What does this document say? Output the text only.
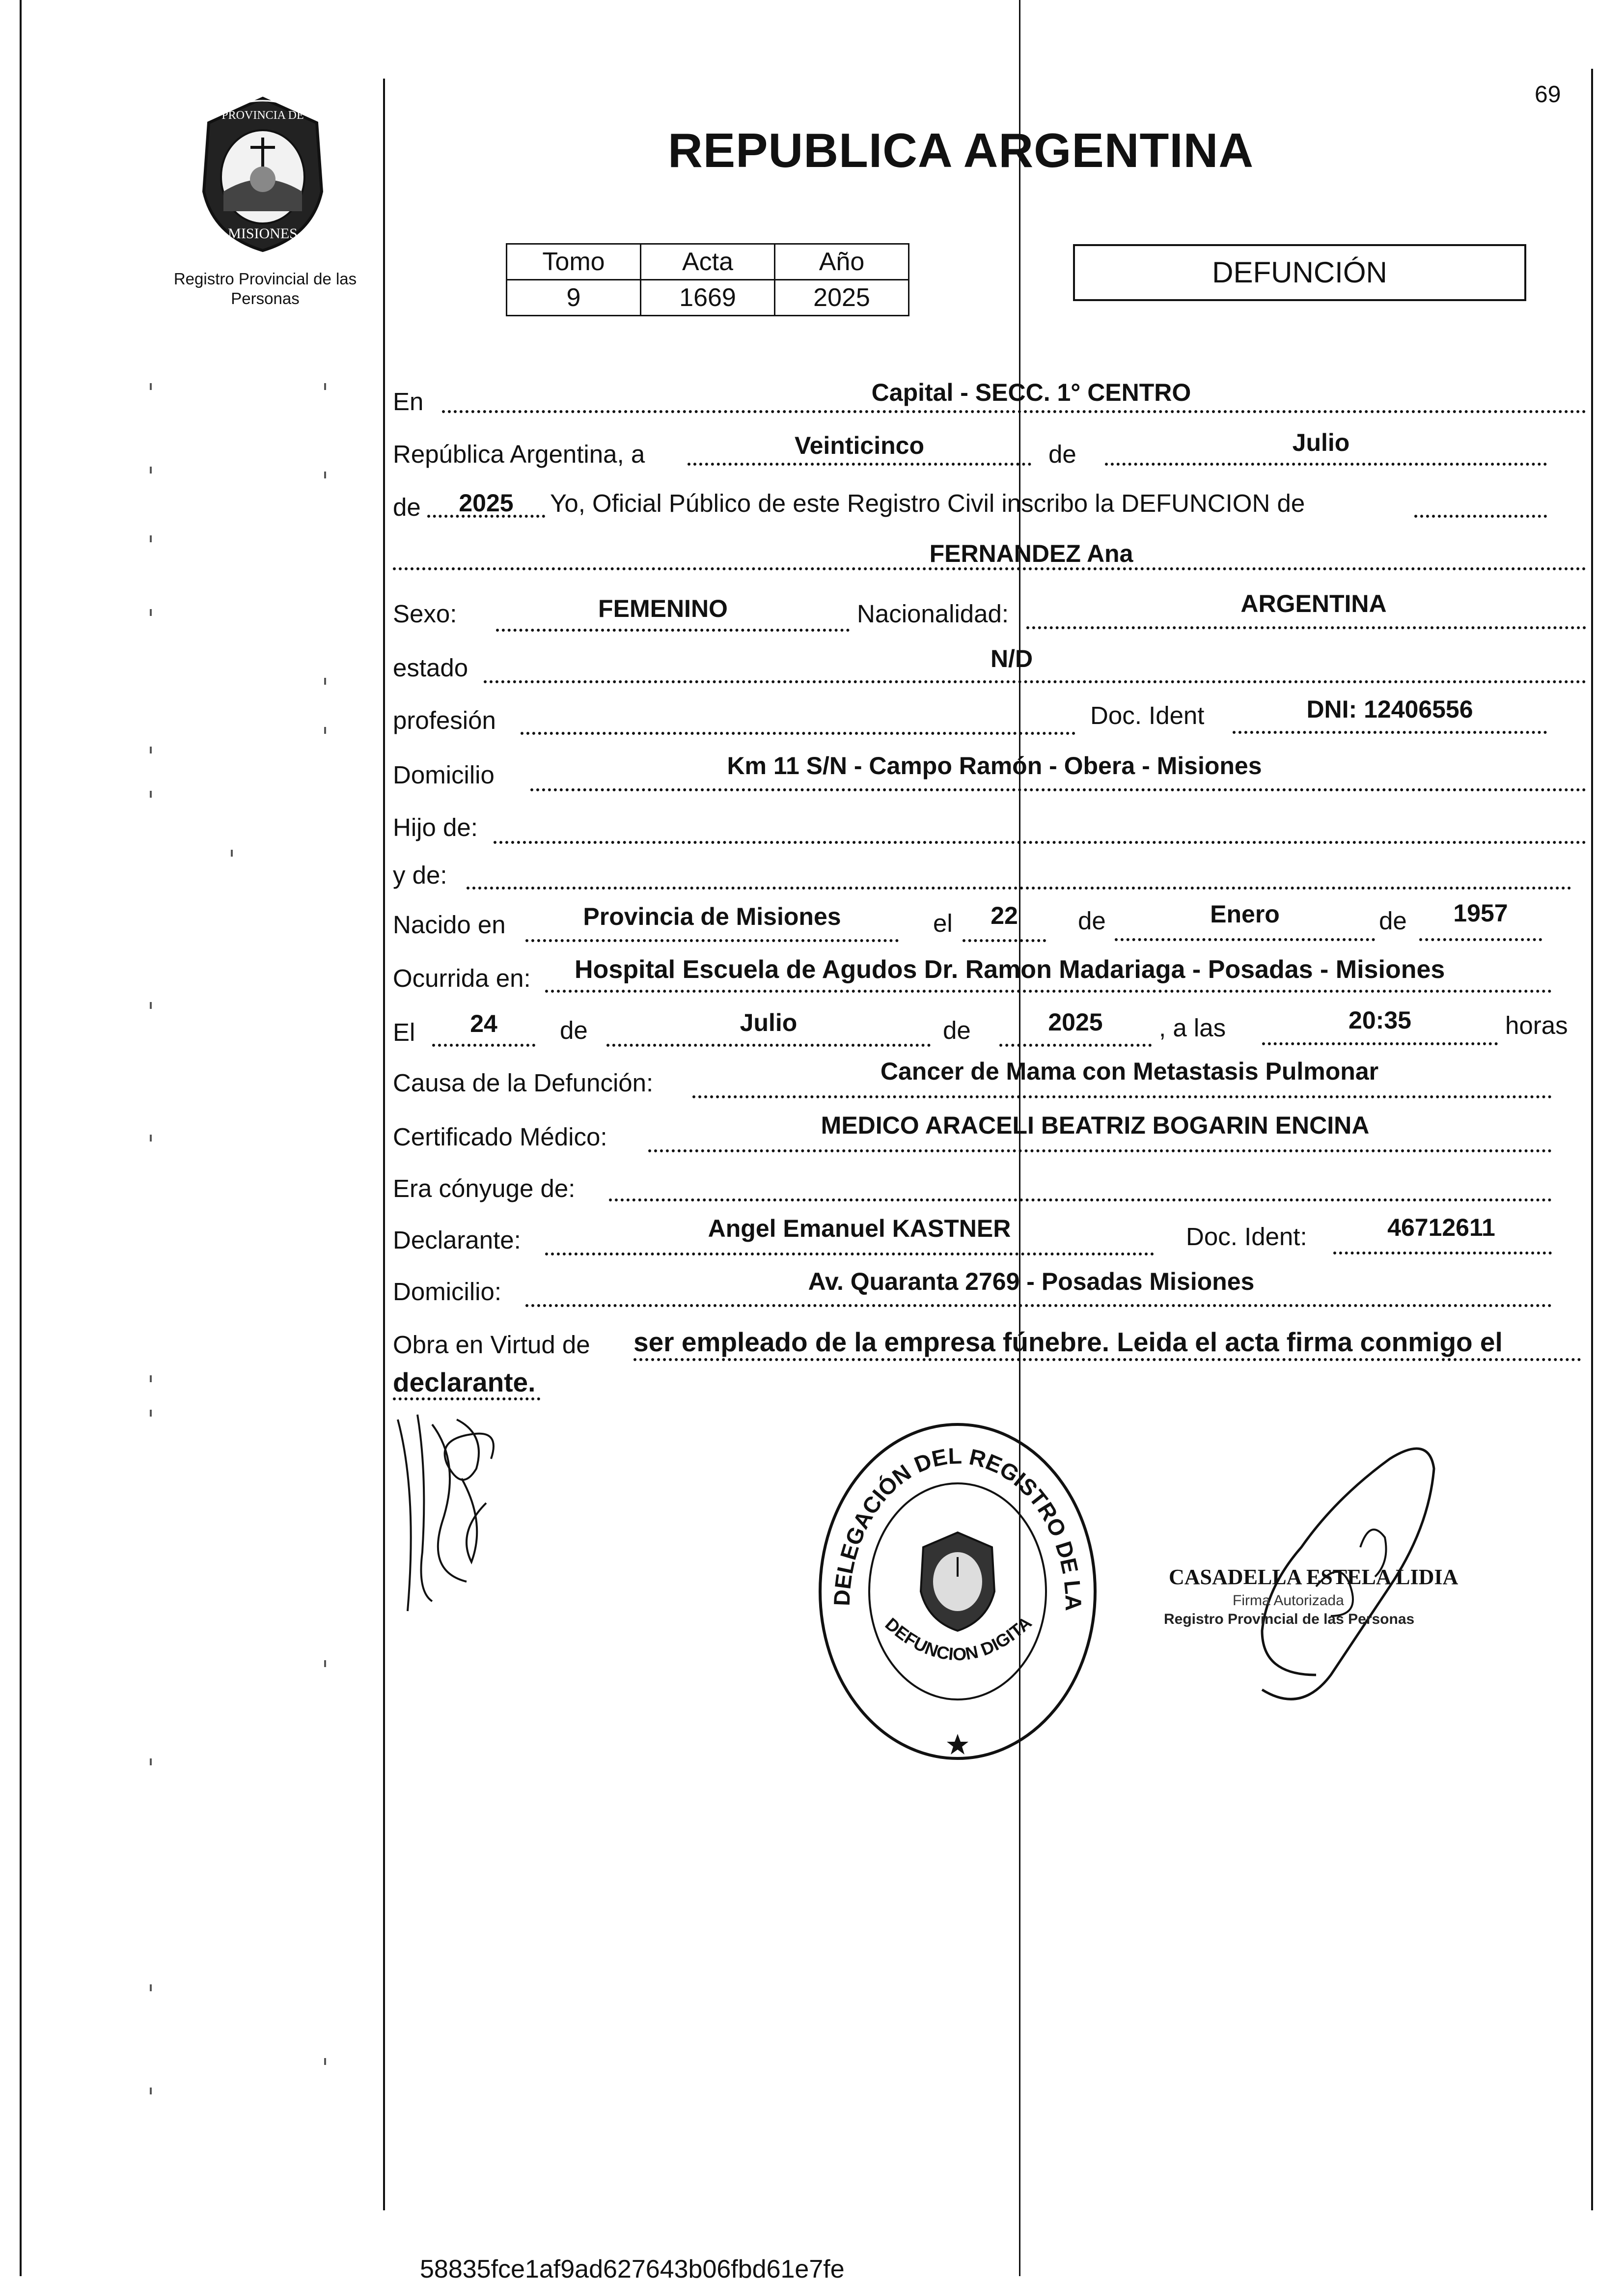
69
PROVINCIA DE
MISIONES
Registro Provincial de las Personas
REPUBLICA ARGENTINA
Tomo	Acta	Año
9	1669	2025
DEFUNCIÓN
En	Capital - SECC. 1° CENTRO
República Argentina, a	Veinticinco	de	Julio
de	2025	Yo, Oficial Público de este Registro Civil inscribo la DEFUNCION de
FERNANDEZ Ana
Sexo:	FEMENINO	Nacionalidad:	ARGENTINA
estado	N/D
profesión	Doc. Ident	DNI: 12406556
Domicilio	Km 11 S/N - Campo Ramón - Obera - Misiones
Hijo de:
y de:
Nacido en	Provincia de Misiones	el	22	de	Enero	de	1957
Ocurrida en: Hospital Escuela de Agudos Dr. Ramon Madariaga - Posadas - Misiones
El	24	de	Julio	de	2025	, a las	20:35	horas
Causa de la Defunción:	Cancer de Mama con Metastasis Pulmonar
Certificado Médico:	MEDICO ARACELI BEATRIZ BOGARIN ENCINA
Era cónyuge de:
Declarante:	Angel Emanuel KASTNER	Doc. Ident:	46712611
Domicilio:	Av. Quaranta 2769 - Posadas Misiones
Obra en Virtud de ser empleado de la empresa fúnebre. Leida el acta firma conmigo el
declarante.
DELEGACIÓN DEL REGISTRO DE LA
DEFUNCION DIGITA
CASADELLA ESTELA LIDIA
Firma Autorizada
Registro Provincial de las Personas
58835fce1af9ad627643b06fbd61e7fe
